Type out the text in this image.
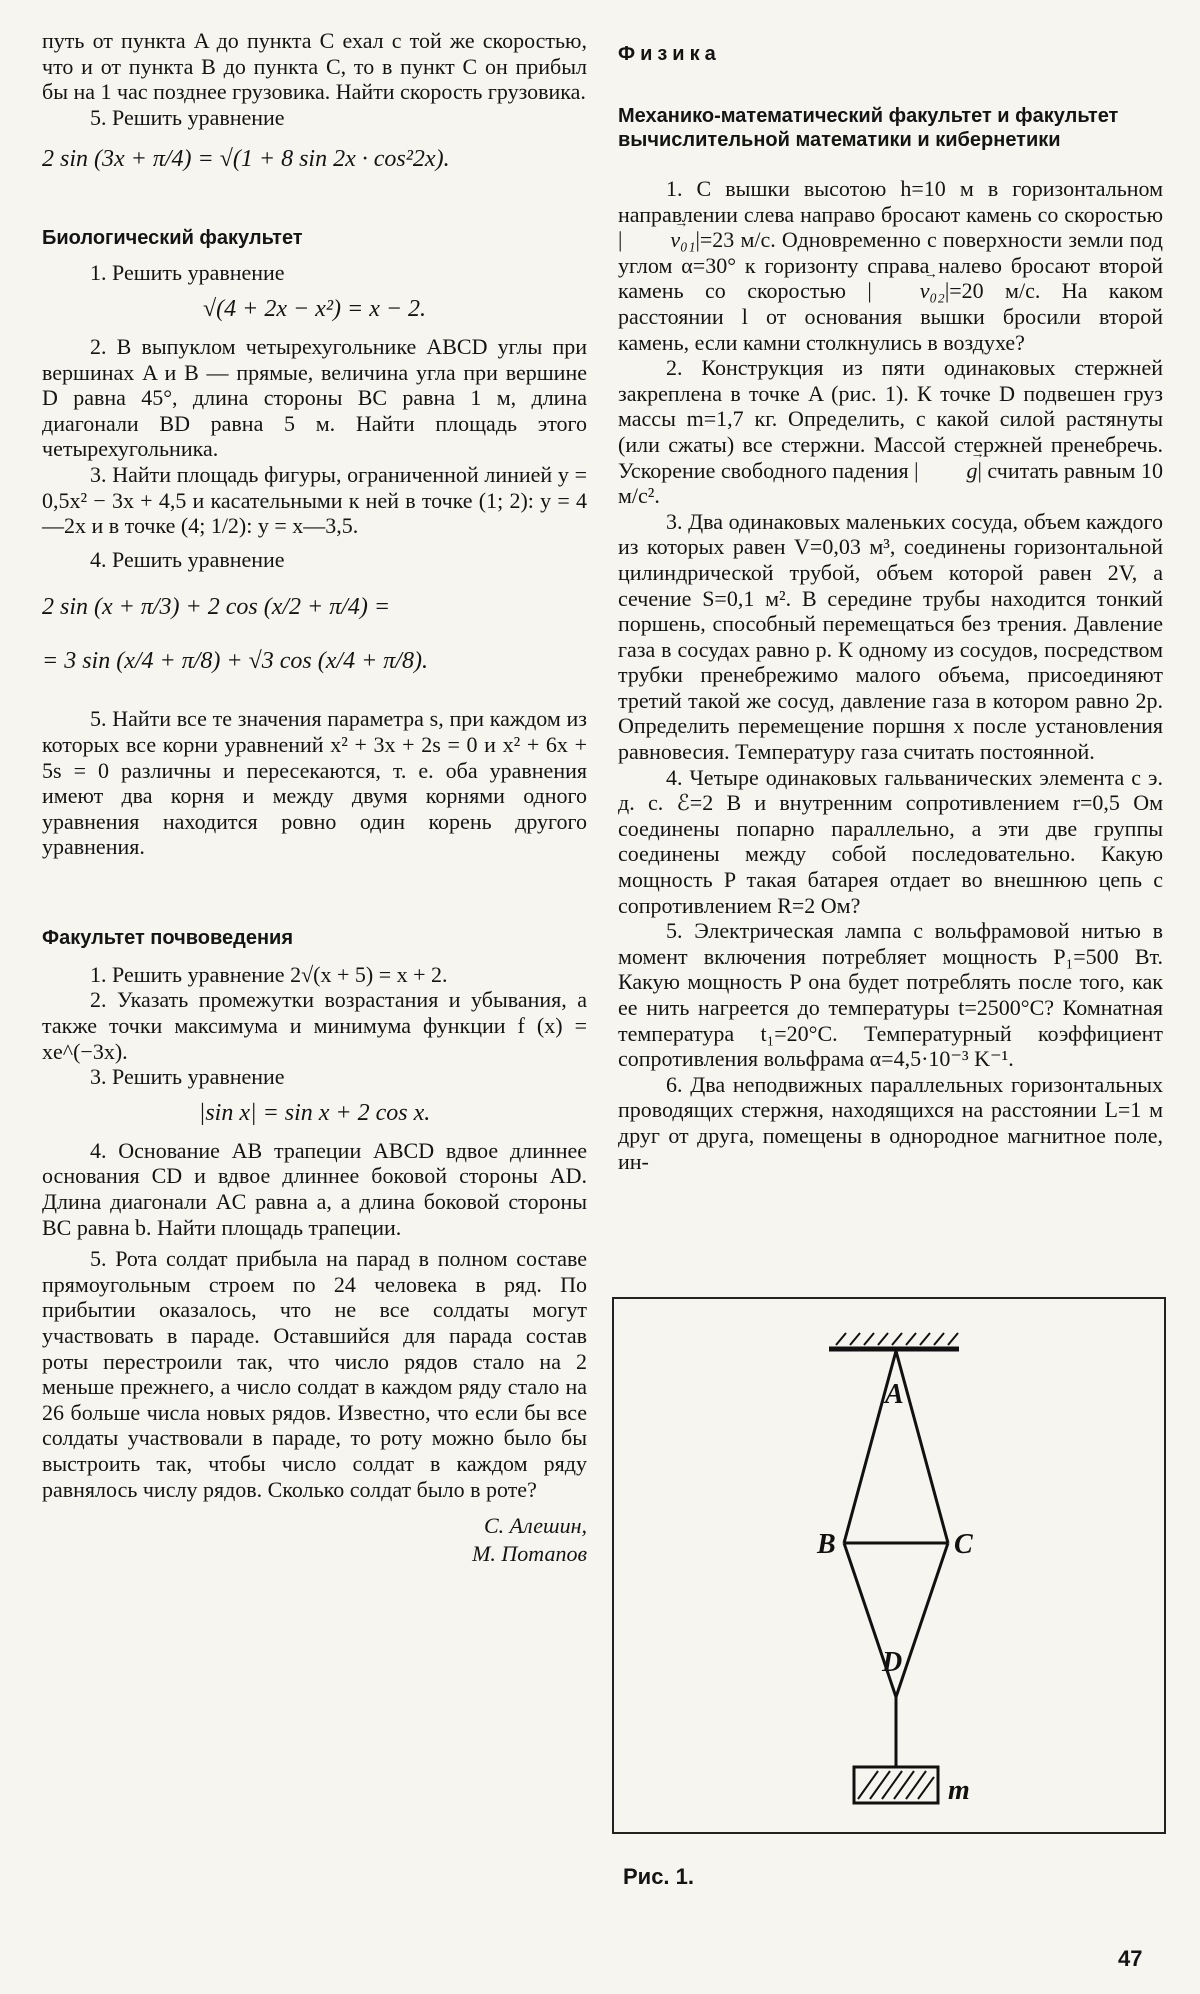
путь от пункта A до пункта C ехал с той же скоростью, что и от пункта B до пункта C, то в пункт C он прибыл бы на 1 час позднее грузовика. Найти скорость грузовика.

5. Решить уравнение

2 sin (3x + π/4) = √(1 + 8 sin 2x · cos²2x).
Биологический факультет

1. Решить уравнение

√(4 + 2x − x²) = x − 2.

2. В выпуклом четырехугольнике ABCD углы при вершинах A и B — прямые, величина угла при вершине D равна 45°, длина стороны BC равна 1 м, длина диагонали BD равна 5 м. Найти площадь этого четырехугольника.

3. Найти площадь фигуры, ограниченной линией y = 0,5x² − 3x + 4,5 и касательными к ней в точке (1; 2): y = 4—2x и в точке (4; 1/2): y = x—3,5.

4. Решить уравнение

2 sin (x + π/3) + 2 cos (x/2 + π/4) =
= 3 sin (x/4 + π/8) + √3 cos (x/4 + π/8).

5. Найти все те значения параметра s, при каждом из которых все корни уравнений x² + 3x + 2s = 0 и x² + 6x + 5s = 0 различны и пересекаются, т. е. оба уравнения имеют два корня и между двумя корнями одного уравнения находится ровно один корень другого уравнения.

Факультет почвоведения

1. Решить уравнение 2√(x + 5) = x + 2.

2. Указать промежутки возрастания и убывания, а также точки максимума и минимума функции f (x) = xe^(−3x).

3. Решить уравнение

|sin x| = sin x + 2 cos x.

4. Основание AB трапеции ABCD вдвое длиннее основания CD и вдвое длиннее боковой стороны AD. Длина диагонали AC равна a, а длина боковой стороны BC равна b. Найти площадь трапеции.

5. Рота солдат прибыла на парад в полном составе прямоугольным строем по 24 человека в ряд. По прибытии оказалось, что не все солдаты могут участвовать в параде. Оставшийся для парада состав роты перестроили так, что число рядов стало на 2 меньше прежнего, а число солдат в каждом ряду стало на 26 больше числа новых рядов. Известно, что если бы все солдаты участвовали в параде, то роту можно было бы выстроить так, чтобы число солдат в каждом ряду равнялось числу рядов. Сколько солдат было в роте?

С. Алешин,
М. Потапов
Физика
Механико-математический факультет и факультет вычислительной математики и кибернетики

1. С вышки высотою h=10 м в горизонтальном направлении слева направо бросают камень со скоростью | → v₀₁|=23 м/с. Одновременно с поверхности земли под углом α=30° к горизонту справа налево бросают второй камень со скоростью | → v₀₂|=20 м/с. На каком расстоянии l от основания вышки бросили второй камень, если камни столкнулись в воздухе?

2. Конструкция из пяти одинаковых стержней закреплена в точке A (рис. 1). К точке D подвешен груз массы m=1,7 кг. Определить, с какой силой растянуты (или сжаты) все стержни. Массой стержней пренебречь. Ускорение свободного падения | → g| считать равным 10 м/с².

3. Два одинаковых маленьких сосуда, объем каждого из которых равен V=0,03 м³, соединены горизонтальной цилиндрической трубой, объем которой равен 2V, а сечение S=0,1 м². В середине трубы находится тонкий поршень, способный перемещаться без трения. Давление газа в сосудах равно p. К одному из сосудов, посредством трубки пренебрежимо малого объема, присоединяют третий такой же сосуд, давление газа в котором равно 2p. Определить перемещение поршня x после установления равновесия. Температуру газа считать постоянной.

4. Четыре одинаковых гальванических элемента с э. д. с. ℰ=2 В и внутренним сопротивлением r=0,5 Ом соединены попарно параллельно, а эти две группы соединены между собой последовательно. Какую мощность P такая батарея отдает во внешнюю цепь с сопротивлением R=2 Ом?

5. Электрическая лампа с вольфрамовой нитью в момент включения потребляет мощность P₁=500 Вт. Какую мощность P она будет потреблять после того, как ее нить нагреется до температуры t=2500°C? Комнатная температура t₁=20°C. Температурный коэффициент сопротивления вольфрама α=4,5·10⁻³ K⁻¹.

6. Два неподвижных параллельных горизонтальных проводящих стержня, находящихся на расстоянии L=1 м друг от друга, помещены в однородное магнитное поле, ин-

A
B	C
D
m
Рис. 1.
47
